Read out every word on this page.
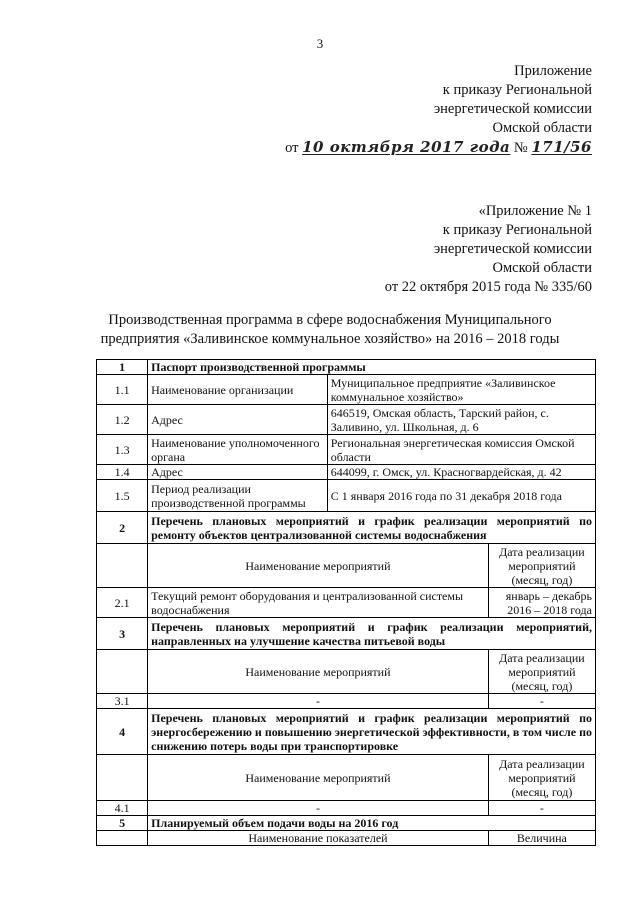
3
Приложение
к приказу Региональной
энергетической комиссии
Омской области
от 10 октября 2017 года № 171/56
«Приложение № 1
к приказу Региональной
энергетической комиссии
Омской области
от 22 октября 2015 года № 335/60
Производственная программа в сфере водоснабжения Муниципального
предприятия «Заливинское коммунальное хозяйство» на 2016 – 2018 годы
1	Паспорт производственной программы		
1.1	Наименование организации	Муниципальное предприятие «Заливинское коммунальное хозяйство»	
1.2	Адрес	646519, Омская область, Тарский район, с. Заливино, ул. Школьная, д. 6	
1.3	Наименование уполномоченного органа	Региональная энергетическая комиссия Омской области	
1.4	Адрес	644099, г. Омск, ул. Красногвардейская, д. 42	
1.5	Период реализации производственной программы	С 1 января 2016 года по 31 декабря 2018 года	
2	Перечень плановых мероприятий и график реализации мероприятий по ремонту объектов централизованной системы водоснабжения		
	Наименование мероприятий		Дата реализации мероприятий (месяц, год)
2.1	Текущий ремонт оборудования и централизованной системы водоснабжения		январь – декабрь 2016 – 2018 года
3	Перечень плановых мероприятий и график реализации мероприятий, направленных на улучшение качества питьевой воды		
	Наименование мероприятий		Дата реализации мероприятий (месяц, год)
3.1	-		-
4	Перечень плановых мероприятий и график реализации мероприятий по энергосбережению и повышению энергетической эффективности, в том числе по снижению потерь воды при транспортировке		
	Наименование мероприятий		Дата реализации мероприятий (месяц, год)
4.1	-		-
5	Планируемый объем подачи воды на 2016 год		
	Наименование показателей		Величина
